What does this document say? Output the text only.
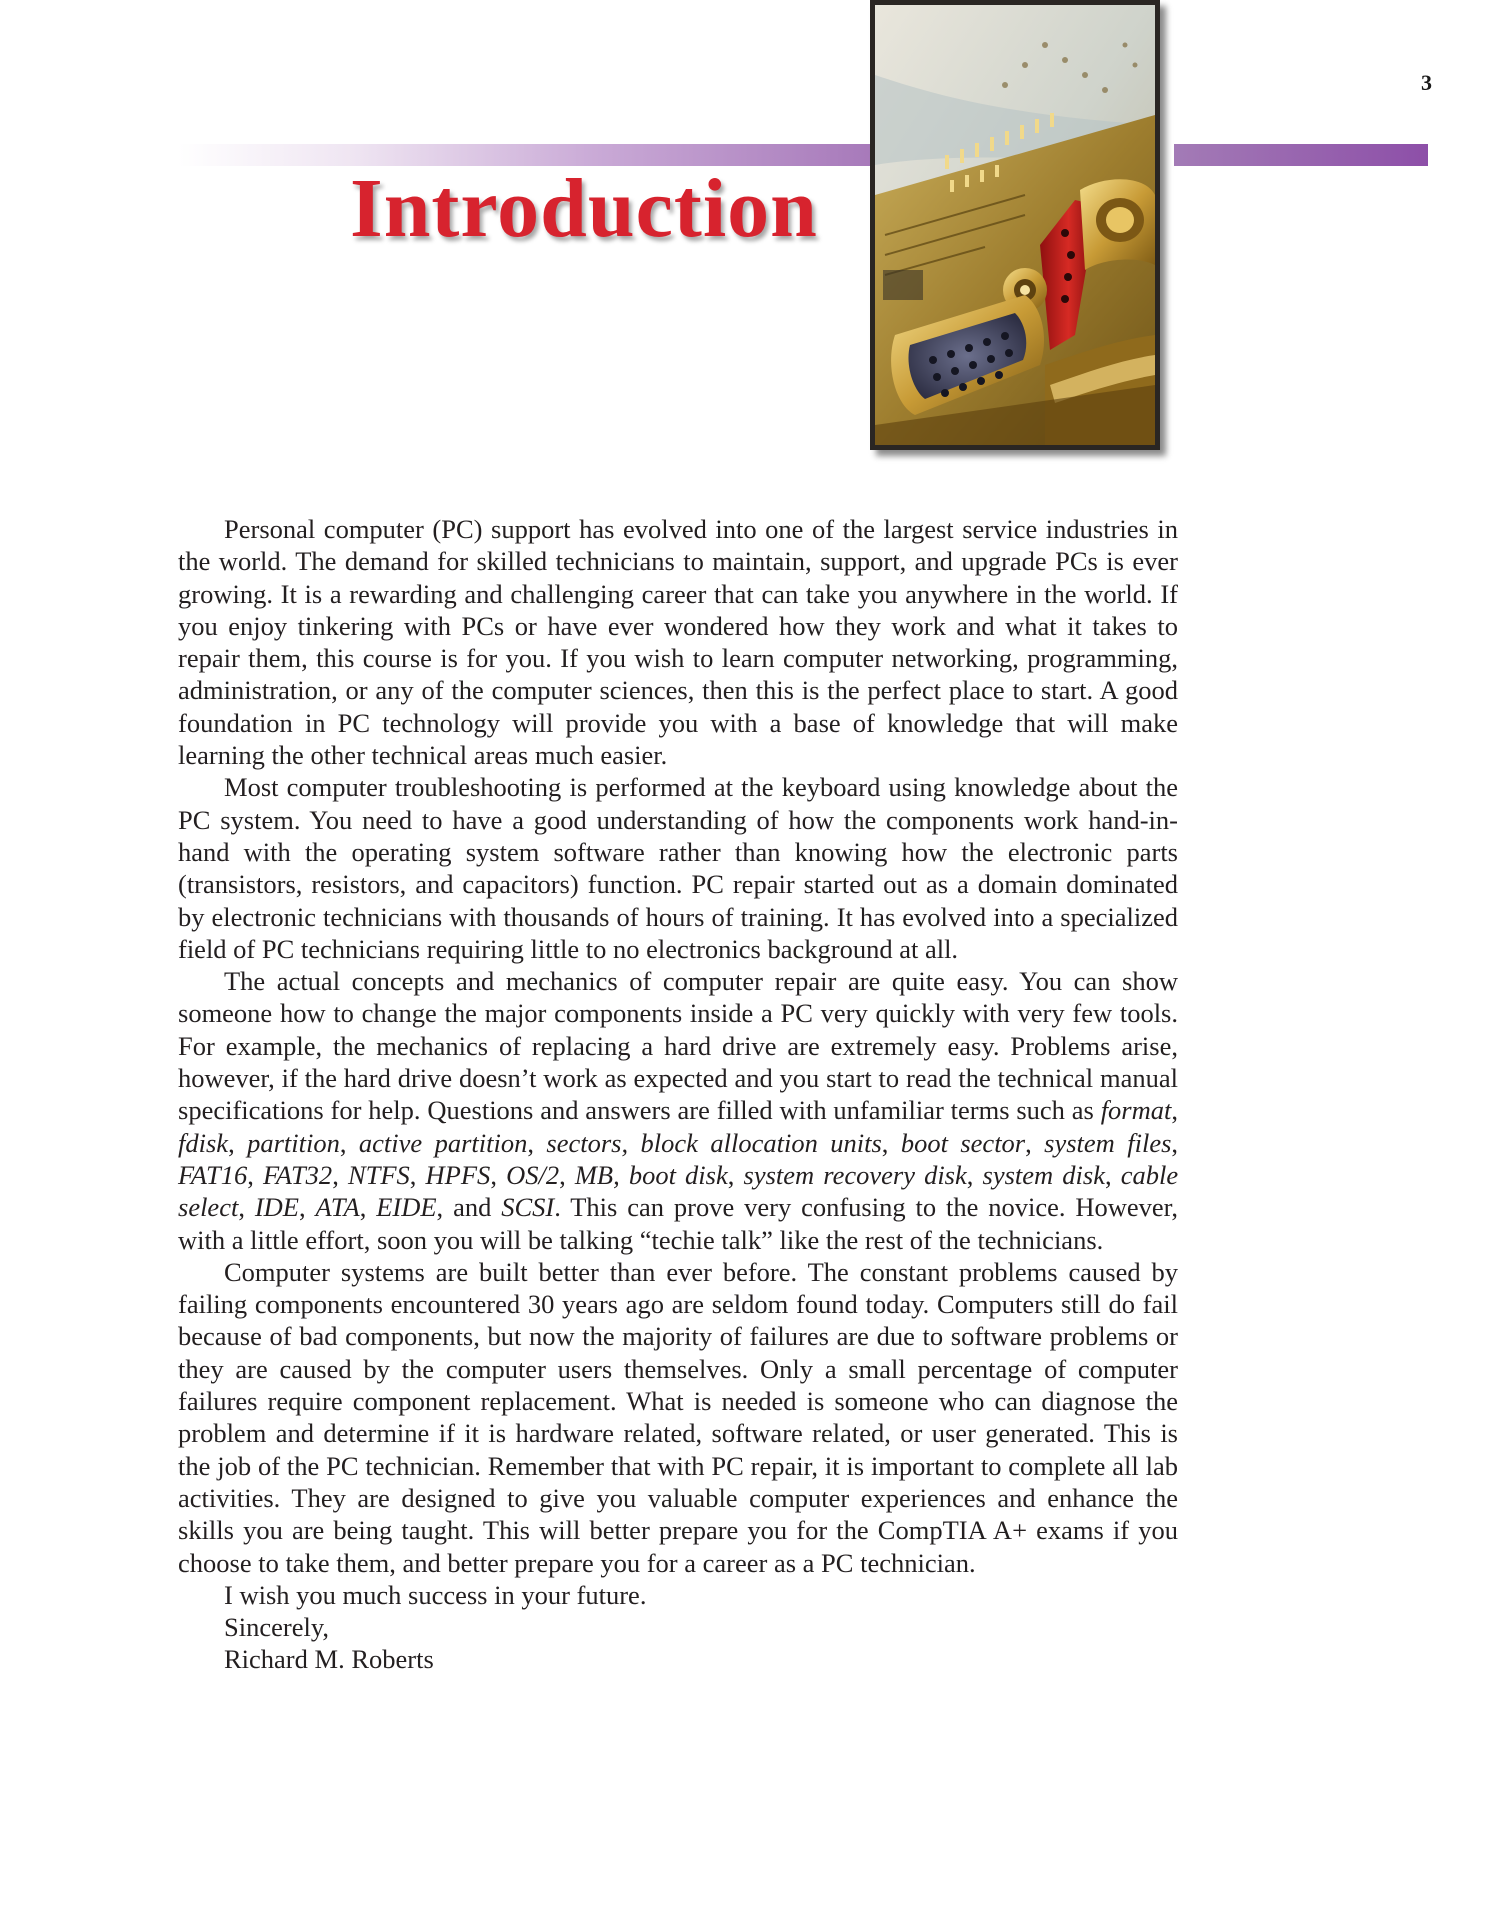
3
Introduction

Personal computer (PC) support has evolved into one of the largest service industries in the world. The demand for skilled technicians to maintain, support, and upgrade PCs is ever growing. It is a rewarding and challenging career that can take you anywhere in the world. If you enjoy tinkering with PCs or have ever wondered how they work and what it takes to repair them, this course is for you. If you wish to learn computer networking, programming, administration, or any of the computer sciences, then this is the perfect place to start. A good foundation in PC technology will provide you with a base of knowledge that will make learning the other technical areas much easier.

Most computer troubleshooting is performed at the keyboard using knowledge about the PC system. You need to have a good understanding of how the components work hand-in-hand with the operating system software rather than knowing how the electronic parts (transistors, resistors, and capacitors) function. PC repair started out as a domain dominated by electronic technicians with thousands of hours of training. It has evolved into a specialized field of PC technicians requiring little to no electronics background at all.

The actual concepts and mechanics of computer repair are quite easy. You can show someone how to change the major components inside a PC very quickly with very few tools. For example, the mechanics of replacing a hard drive are extremely easy. Problems arise, however, if the hard drive doesn’t work as expected and you start to read the technical manual specifications for help. Questions and answers are filled with unfamiliar terms such as format, fdisk, partition, active partition, sectors, block allocation units, boot sector, system files, FAT16, FAT32, NTFS, HPFS, OS/2, MB, boot disk, system recovery disk, system disk, cable select, IDE, ATA, EIDE, and SCSI. This can prove very confusing to the novice. However, with a little effort, soon you will be talking “techie talk” like the rest of the technicians.

Computer systems are built better than ever before. The constant problems caused by failing components encountered 30 years ago are seldom found today. Computers still do fail because of bad components, but now the majority of failures are due to software problems or they are caused by the computer users themselves. Only a small percentage of computer failures require component replacement. What is needed is someone who can diagnose the problem and determine if it is hardware related, software related, or user generated. This is the job of the PC technician. Remember that with PC repair, it is important to complete all lab activities. They are designed to give you valuable computer experiences and enhance the skills you are being taught. This will better prepare you for the CompTIA A+ exams if you choose to take them, and better prepare you for a career as a PC technician.

I wish you much success in your future.

Sincerely,

Richard M. Roberts
